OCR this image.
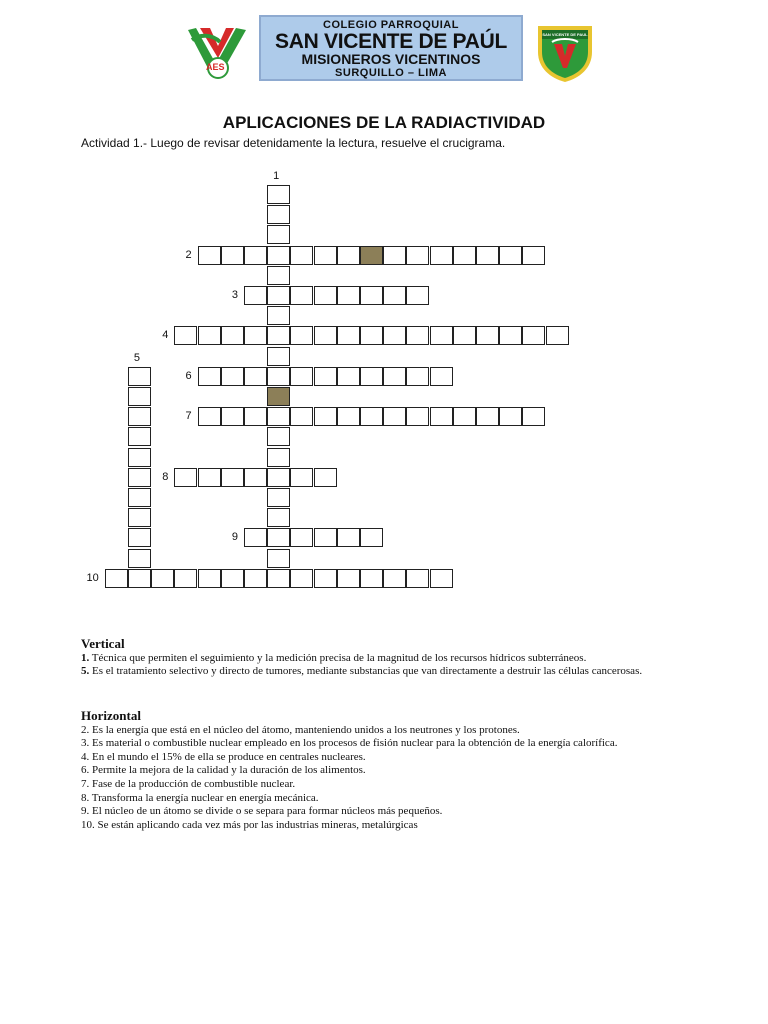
AES
COLEGIO PARROQUIAL
SAN VICENTE DE PAÚL
MISIONEROS VICENTINOS
SURQUILLO – LIMA
SAN VICENTE DE PAUL
APLICACIONES DE LA RADIACTIVIDAD
Actividad 1.- Luego de revisar detenidamente la lectura, resuelve el crucigrama.
1
2
3
4
5
6
7
8
9
10
Vertical

1. Técnica que permiten el seguimiento y la medición precisa de la magnitud de los recursos hídricos subterráneos.

5. Es el tratamiento selectivo y directo de tumores, mediante substancias que van directamente a destruir las células cancerosas.

Horizontal

2. Es la energía que está en el núcleo del átomo, manteniendo unidos a los neutrones y los protones.

3. Es material o combustible nuclear empleado en los procesos de fisión nuclear para la obtención de la energía calorífica.

4. En el mundo el 15% de ella se produce en centrales nucleares.

6. Permite la mejora de la calidad y la duración de los alimentos.

7. Fase de la producción de combustible nuclear.

8. Transforma la energía nuclear en energía mecánica.

9. El núcleo de un átomo se divide o se separa para formar núcleos más pequeños.

10. Se están aplicando cada vez más por las industrias mineras, metalúrgicas
